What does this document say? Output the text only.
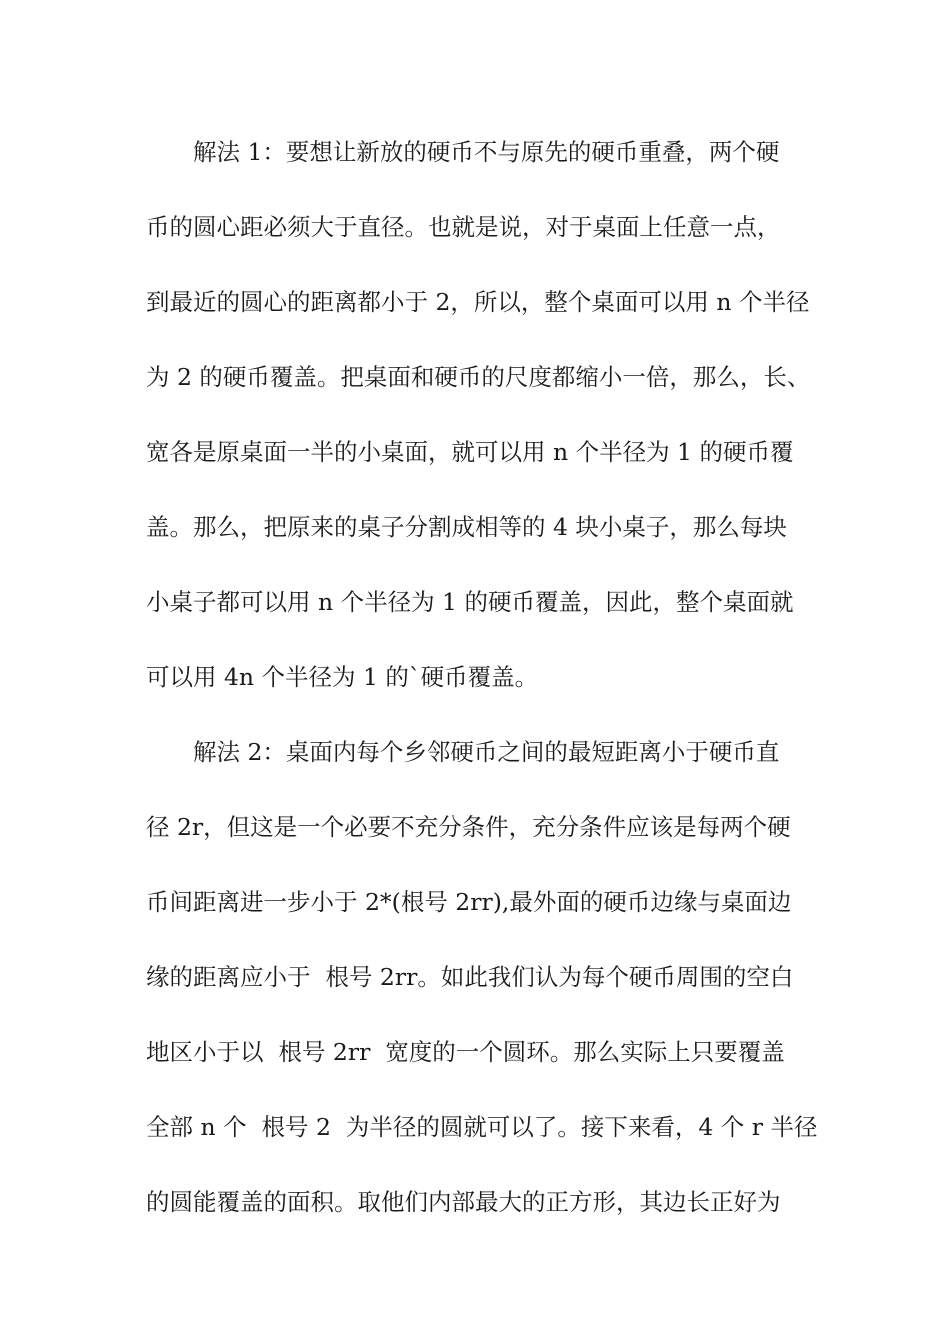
解法 1：要想让新放的硬币不与原先的硬币重叠，两个硬
币的圆心距必须大于直径。也就是说，对于桌面上任意一点，
到最近的圆心的距离都小于 2，所以，整个桌面可以用 n 个半径
为 2 的硬币覆盖。把桌面和硬币的尺度都缩小一倍，那么，长、
宽各是原桌面一半的小桌面，就可以用 n 个半径为 1 的硬币覆
盖。那么，把原来的桌子分割成相等的 4 块小桌子，那么每块
小桌子都可以用 n 个半径为 1 的硬币覆盖，因此，整个桌面就
可以用 4n 个半径为 1 的`硬币覆盖。
解法 2：桌面内每个乡邻硬币之间的最短距离小于硬币直
径 2r，但这是一个必要不充分条件，充分条件应该是每两个硬
币间距离进一步小于 2*(根号 2rr),最外面的硬币边缘与桌面边
缘的距离应小于  根号 2rr。如此我们认为每个硬币周围的空白
地区小于以  根号 2rr  宽度的一个圆环。那么实际上只要覆盖
全部 n 个  根号 2  为半径的圆就可以了。接下来看，4 个 r 半径
的圆能覆盖的面积。取他们内部最大的正方形，其边长正好为
